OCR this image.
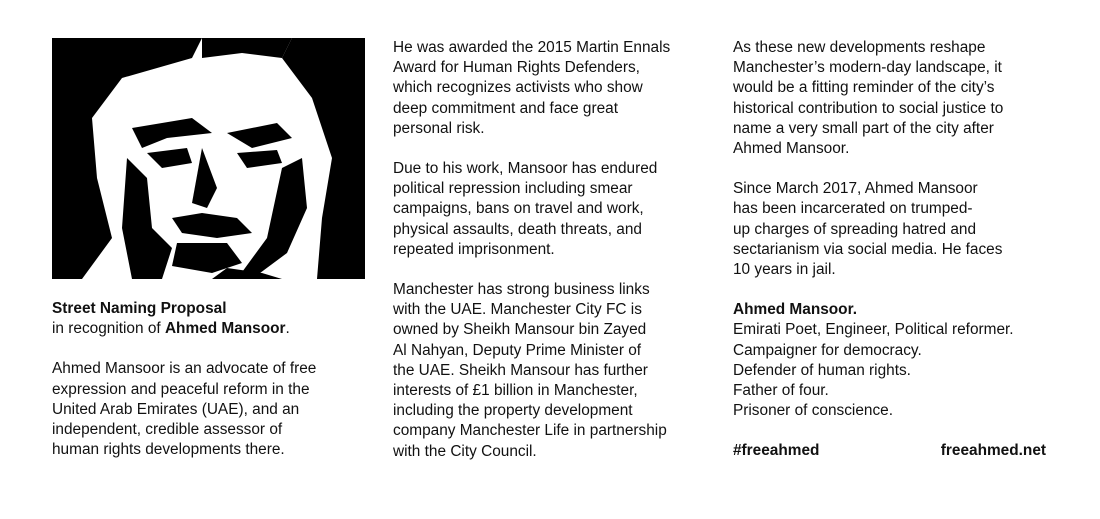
Street Naming Proposal
in recognition of Ahmed Mansoor.

Ahmed Mansoor is an advocate of free
expression and peaceful reform in the
United Arab Emirates (UAE), and an
independent, credible assessor of
human rights developments there.

He was awarded the 2015 Martin Ennals
Award for Human Rights Defenders,
which recognizes activists who show
deep commitment and face great
personal risk.

Due to his work, Mansoor has endured
political repression including smear
campaigns, bans on travel and work,
physical assaults, death threats, and
repeated imprisonment.

Manchester has strong business links
with the UAE. Manchester City FC is
owned by Sheikh Mansour bin Zayed
Al Nahyan, Deputy Prime Minister of
the UAE. Sheikh Mansour has further
interests of £1 billion in Manchester,
including the property development
company Manchester Life in partnership
with the City Council.

As these new developments reshape
Manchester’s modern-day landscape, it
would be a fitting reminder of the city’s
historical contribution to social justice to
name a very small part of the city after
Ahmed Mansoor.

Since March 2017, Ahmed Mansoor
has been incarcerated on trumped-
up charges of spreading hatred and
sectarianism via social media. He faces
10 years in jail.

Ahmed Mansoor.
Emirati Poet, Engineer, Political reformer.
Campaigner for democracy.
Defender of human rights.
Father of four.
Prisoner of conscience.

#freeahmed	freeahmed.net
